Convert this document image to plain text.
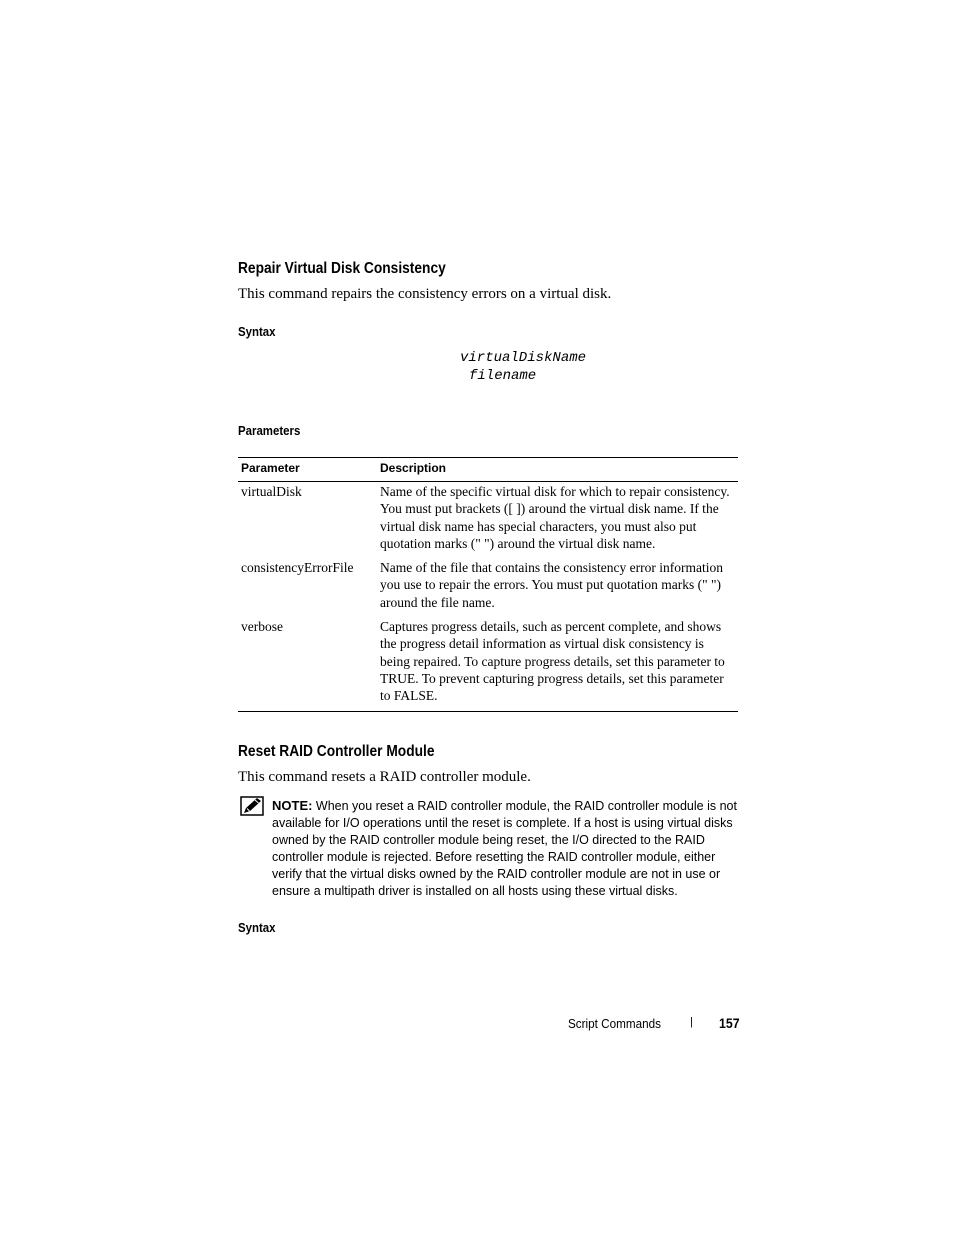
Repair Virtual Disk Consistency
This command repairs the consistency errors on a virtual disk.
Syntax
virtualDiskName
filename
Parameters
Parameter	Description
virtualDisk	Name of the specific virtual disk for which to repair consistency. You must put brackets ([ ]) around the virtual disk name. If the virtual disk name has special characters, you must also put quotation marks (" ") around the virtual disk name.
consistencyErrorFile	Name of the file that contains the consistency error information you use to repair the errors. You must put quotation marks (" ") around the file name.
verbose	Captures progress details, such as percent complete, and shows the progress detail information as virtual disk consistency is being repaired. To capture progress details, set this parameter to TRUE. To prevent capturing progress details, set this parameter to FALSE.
Reset RAID Controller Module
This command resets a RAID controller module.
NOTE: When you reset a RAID controller module, the RAID controller module is not available for I/O operations until the reset is complete. If a host is using virtual disks owned by the RAID controller module being reset, the I/O directed to the RAID controller module is rejected. Before resetting the RAID controller module, either verify that the virtual disks owned by the RAID controller module are not in use or ensure a multipath driver is installed on all hosts using these virtual disks.
Syntax
Script Commands	| 157
